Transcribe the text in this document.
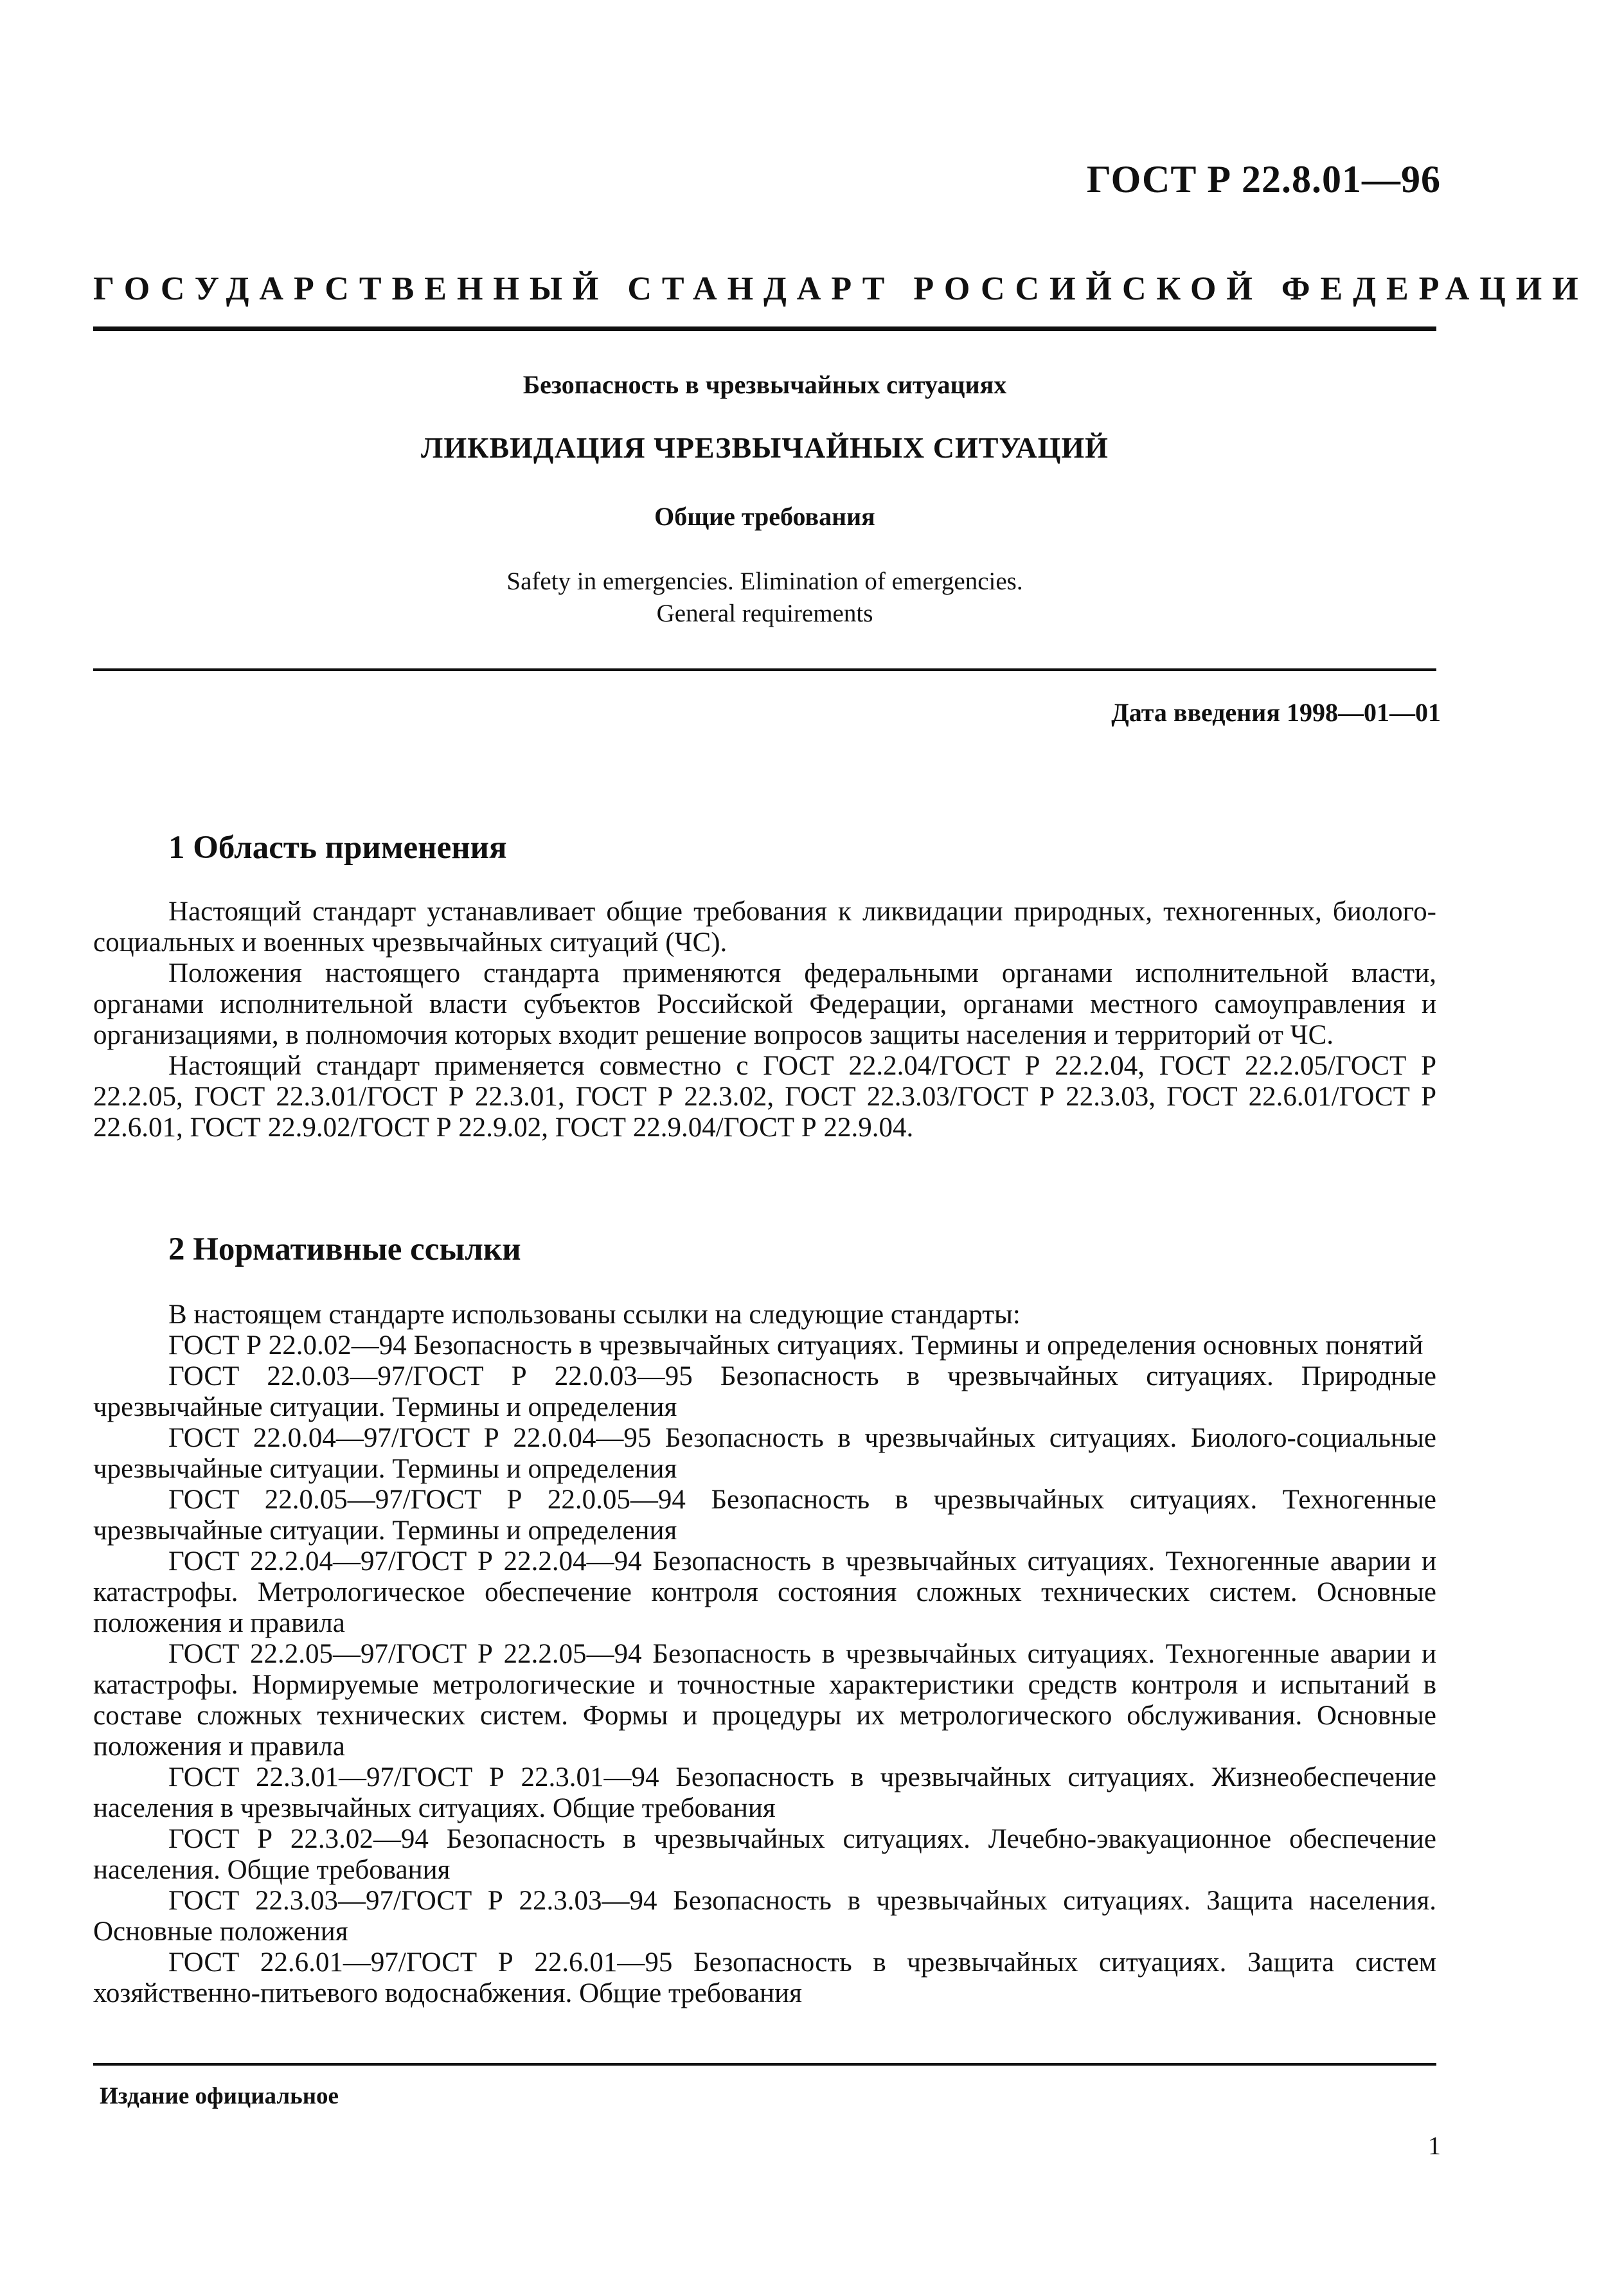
ГОСТ Р 22.8.01—96
ГОСУДАРСТВЕННЫЙ СТАНДАРТ РОССИЙСКОЙ ФЕДЕРАЦИИ
Безопасность в чрезвычайных ситуациях
ЛИКВИДАЦИЯ ЧРЕЗВЫЧАЙНЫХ СИТУАЦИЙ
Общие требования
Safety in emergencies. Elimination of emergencies.
General requirements
Дата введения 1998—01—01
1 Область применения

Настоящий стандарт устанавливает общие требования к ликвидации природных, техногенных, биолого-социальных и военных чрезвычайных ситуаций (ЧС).

Положения настоящего стандарта применяются федеральными органами исполнительной власти, органами исполнительной власти субъектов Российской Федерации, органами местного самоуправления и организациями, в полномочия которых входит решение вопросов защиты населения и территорий от ЧС.

Настоящий стандарт применяется совместно с ГОСТ 22.2.04/ГОСТ Р 22.2.04, ГОСТ 22.2.05/ГОСТ Р 22.2.05, ГОСТ 22.3.01/ГОСТ Р 22.3.01, ГОСТ Р 22.3.02, ГОСТ 22.3.03/ГОСТ Р 22.3.03, ГОСТ 22.6.01/ГОСТ Р 22.6.01, ГОСТ 22.9.02/ГОСТ Р 22.9.02, ГОСТ 22.9.04/ГОСТ Р 22.9.04.

2 Нормативные ссылки

В настоящем стандарте использованы ссылки на следующие стандарты:

ГОСТ Р 22.0.02—94 Безопасность в чрезвычайных ситуациях. Термины и определения основных понятий

ГОСТ 22.0.03—97/ГОСТ Р 22.0.03—95 Безопасность в чрезвычайных ситуациях. Природные чрезвычайные ситуации. Термины и определения

ГОСТ 22.0.04—97/ГОСТ Р 22.0.04—95 Безопасность в чрезвычайных ситуациях. Биолого-социальные чрезвычайные ситуации. Термины и определения

ГОСТ 22.0.05—97/ГОСТ Р 22.0.05—94 Безопасность в чрезвычайных ситуациях. Техногенные чрезвычайные ситуации. Термины и определения

ГОСТ 22.2.04—97/ГОСТ Р 22.2.04—94 Безопасность в чрезвычайных ситуациях. Техногенные аварии и катастрофы. Метрологическое обеспечение контроля состояния сложных технических систем. Основные положения и правила

ГОСТ 22.2.05—97/ГОСТ Р 22.2.05—94 Безопасность в чрезвычайных ситуациях. Техногенные аварии и катастрофы. Нормируемые метрологические и точностные характеристики средств контроля и испытаний в составе сложных технических систем. Формы и процедуры их метрологического обслуживания. Основные положения и правила

ГОСТ 22.3.01—97/ГОСТ Р 22.3.01—94 Безопасность в чрезвычайных ситуациях. Жизнеобеспечение населения в чрезвычайных ситуациях. Общие требования

ГОСТ Р 22.3.02—94 Безопасность в чрезвычайных ситуациях. Лечебно-эвакуационное обеспечение населения. Общие требования

ГОСТ 22.3.03—97/ГОСТ Р 22.3.03—94 Безопасность в чрезвычайных ситуациях. Защита населения. Основные положения

ГОСТ 22.6.01—97/ГОСТ Р 22.6.01—95 Безопасность в чрезвычайных ситуациях. Защита систем хозяйственно-питьевого водоснабжения. Общие требования

Издание официальное
1
